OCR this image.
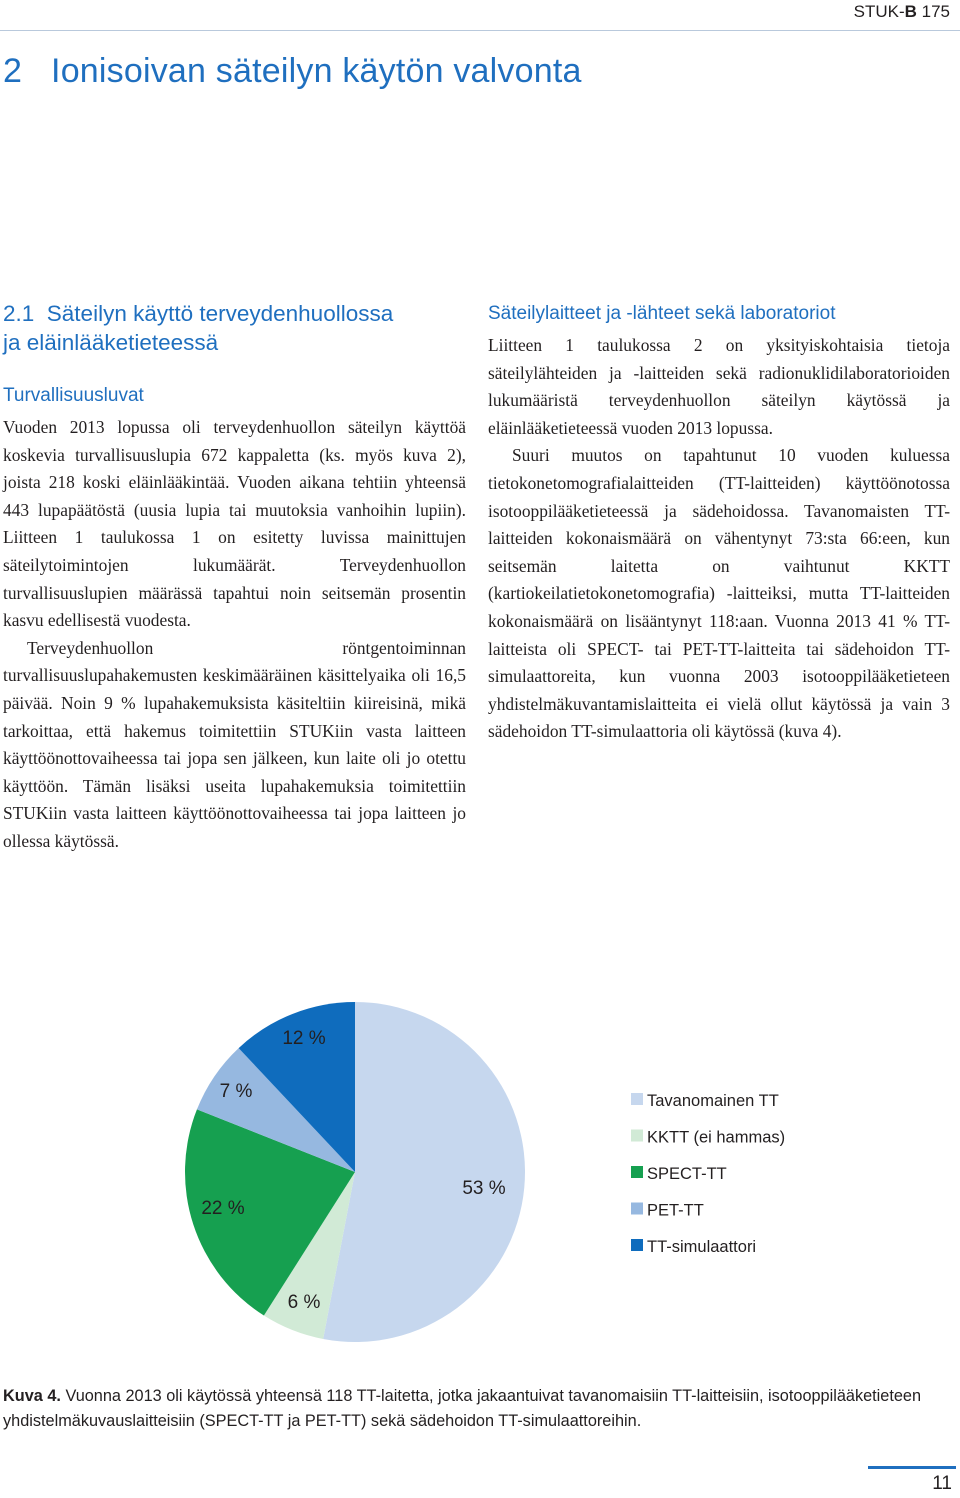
STUK-B 175
2   Ionisoivan säteilyn käytön valvonta
2.1  Säteilyn käyttö terveydenhuollossa
ja eläinlääketieteessä
Turvallisuusluvat

Vuoden 2013 lopussa oli terveydenhuollon säteilyn käyttöä koskevia turvallisuuslupia 672 kappaletta (ks. myös kuva 2), joista 218 koski eläinlääkintää. Vuoden aikana tehtiin yhteensä 443 lupapäätöstä (uusia lupia tai muutoksia vanhoihin lupiin). Liitteen 1 taulukossa 1 on esitetty luvissa mainittujen säteilytoimintojen lukumäärät. Terveydenhuollon turvallisuuslupien määrässä tapahtui noin seitsemän prosentin kasvu edellisestä vuodesta.

Terveydenhuollon röntgentoiminnan turvallisuuslupahakemusten keskimääräinen käsittelyaika oli 16,5 päivää. Noin 9 % lupahakemuksista käsiteltiin kiireisinä, mikä tarkoittaa, että hakemus toimitettiin STUKiin vasta laitteen käyttöönottovaiheessa tai jopa sen jälkeen, kun laite oli jo otettu käyttöön. Tämän lisäksi useita lupahakemuksia toimitettiin STUKiin vasta laitteen käyttöönottovaiheessa tai jopa laitteen jo ollessa käytössä.

Säteilylaitteet ja -lähteet sekä laboratoriot

Liitteen 1 taulukossa 2 on yksityiskohtaisia tietoja säteilylähteiden ja -laitteiden sekä radionuklidilaboratorioiden lukumääristä terveydenhuollon säteilyn käytössä ja eläinlääketieteessä vuoden 2013 lopussa.

Suuri muutos on tapahtunut 10 vuoden kuluessa tietokonetomografialaitteiden (TT-laitteiden) käyttöönotossa isotooppilääketieteessä ja sädehoidossa. Tavanomaisten TT-laitteiden kokonaismäärä on vähentynyt 73:sta 66:een, kun seitsemän laitetta on vaihtunut KKTT (kartiokeilatietokonetomografia) -laitteiksi, mutta TT-laitteiden kokonaismäärä on lisääntynyt 118:aan. Vuonna 2013 41 % TT-laitteista oli SPECT- tai PET-TT-laitteita tai sädehoidon TT-simulaattoreita, kun vuonna 2003 isotooppilääketieteen yhdistelmäkuvantamislaitteita ei vielä ollut käytössä ja vain 3 sädehoidon TT-simulaattoria oli käytössä (kuva 4).

53 %
6 %
22 %
7 %
12 %
Tavanomainen TT
KKTT (ei hammas)
SPECT-TT
PET-TT
TT-simulaattori
Kuva 4. Vuonna 2013 oli käytössä yhteensä 118 TT-laitetta, jotka jakaantuivat tavanomaisiin TT-laitteisiin, isotooppilääketieteen yhdistelmäkuvauslaitteisiin (SPECT-TT ja PET-TT) sekä sädehoidon TT-simulaattoreihin.
11
